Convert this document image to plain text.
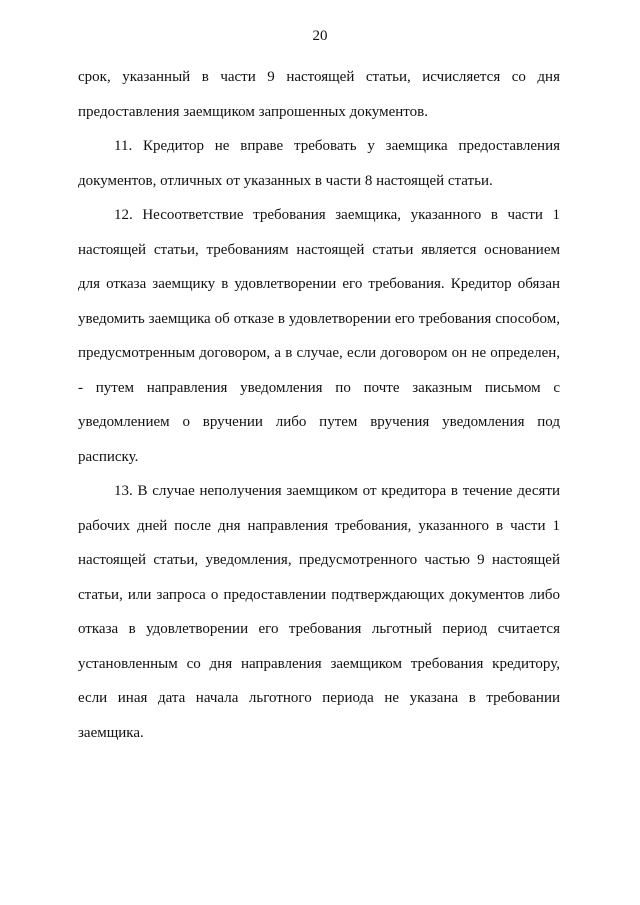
20

срок, указанный в части 9 настоящей статьи, исчисляется со дня предоставления заемщиком запрошенных документов.

11. Кредитор не вправе требовать у заемщика предоставления документов, отличных от указанных в части 8 настоящей статьи.

12. Несоответствие требования заемщика, указанного в части 1 настоящей статьи, требованиям настоящей статьи является основанием для отказа заемщику в удовлетворении его требования. Кредитор обязан уведомить заемщика об отказе в удовлетворении его требования способом, предусмотренным договором, а в случае, если договором он не определен, - путем направления уведомления по почте заказным письмом с уведомлением о вручении либо путем вручения уведомления под расписку.

13. В случае неполучения заемщиком от кредитора в течение десяти рабочих дней после дня направления требования, указанного в части 1 настоящей статьи, уведомления, предусмотренного частью 9 настоящей статьи, или запроса о предоставлении подтверждающих документов либо отказа в удовлетворении его требования льготный период считается установленным со дня направления заемщиком требования кредитору, если иная дата начала льготного периода не указана в требовании заемщика.
